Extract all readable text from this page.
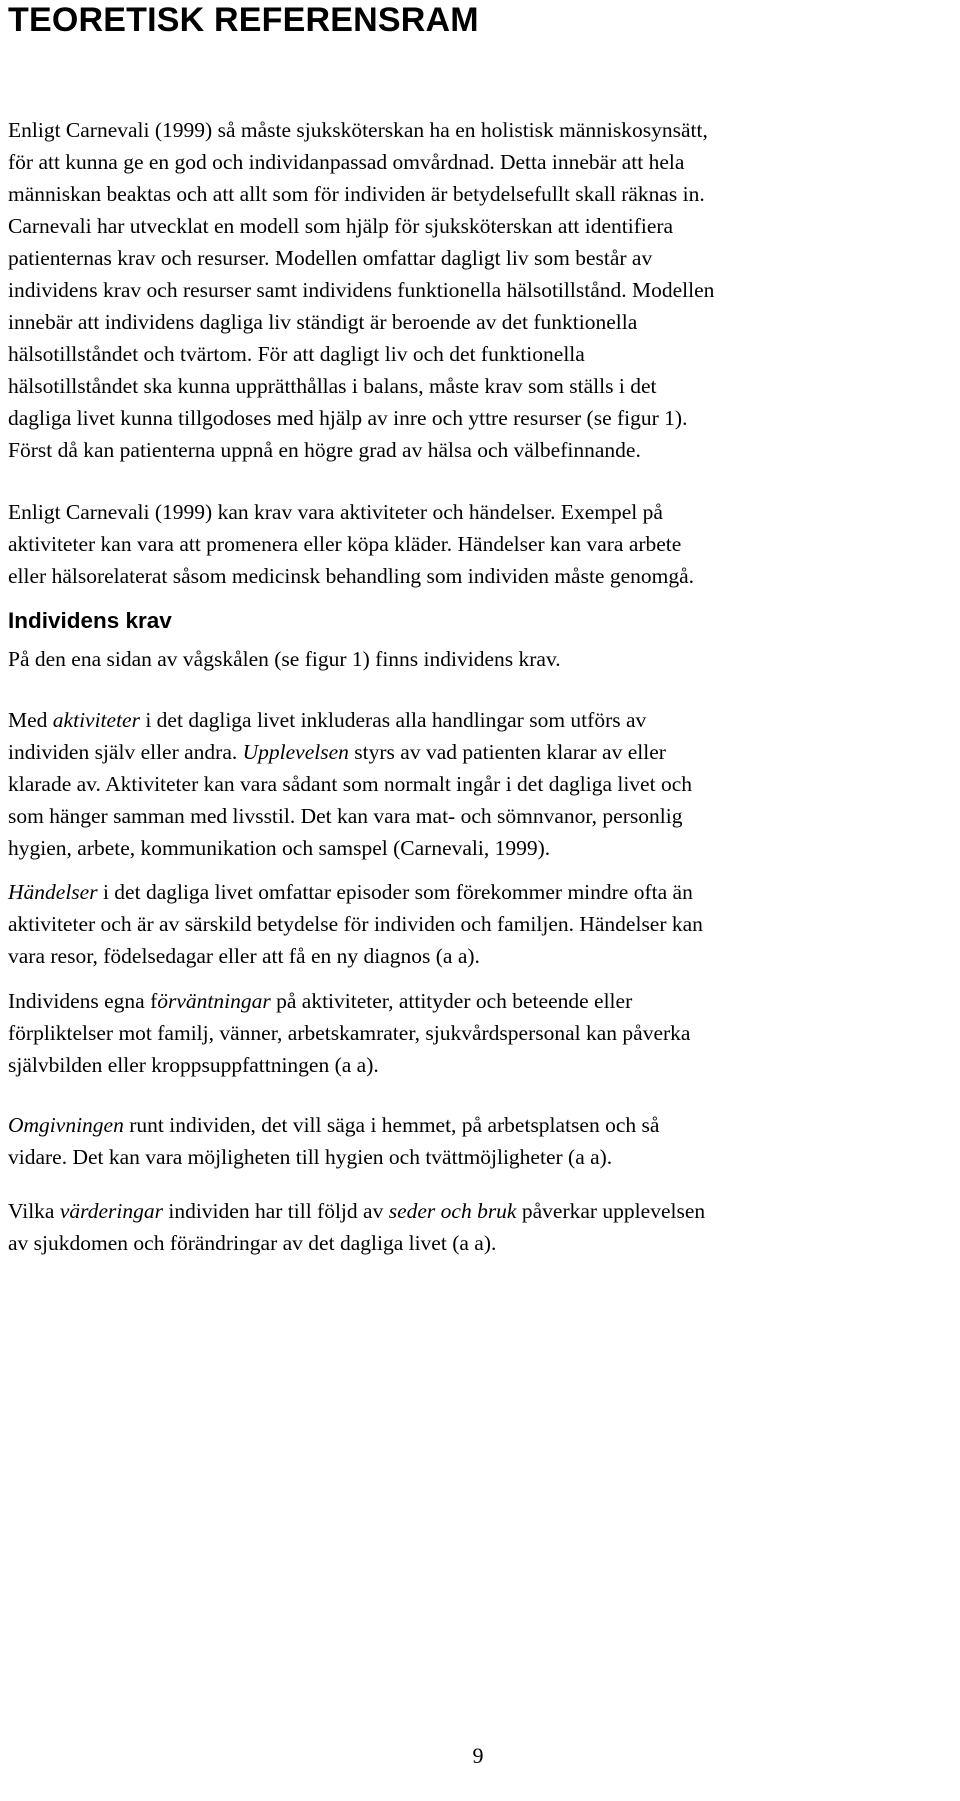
TEORETISK REFERENSRAM
Enligt Carnevali (1999) så måste sjuksköterskan ha en holistisk människosynsätt,
för att kunna ge en god och individanpassad omvårdnad. Detta innebär att hela
människan beaktas och att allt som för individen är betydelsefullt skall räknas in.
Carnevali har utvecklat en modell som hjälp för sjuksköterskan att identifiera
patienternas krav och resurser. Modellen omfattar dagligt liv som består av
individens krav och resurser samt individens funktionella hälsotillstånd. Modellen
innebär att individens dagliga liv ständigt är beroende av det funktionella
hälsotillståndet och tvärtom. För att dagligt liv och det funktionella
hälsotillståndet ska kunna upprätthållas i balans, måste krav som ställs i det
dagliga livet kunna tillgodoses med hjälp av inre och yttre resurser (se figur 1).
Först då kan patienterna uppnå en högre grad av hälsa och välbefinnande.
Enligt Carnevali (1999) kan krav vara aktiviteter och händelser. Exempel på
aktiviteter kan vara att promenera eller köpa kläder. Händelser kan vara arbete
eller hälsorelaterat såsom medicinsk behandling som individen måste genomgå.
Individens krav
På den ena sidan av vågskålen (se figur 1) finns individens krav.
Med aktiviteter i det dagliga livet inkluderas alla handlingar som utförs av
individen själv eller andra. Upplevelsen styrs av vad patienten klarar av eller
klarade av. Aktiviteter kan vara sådant som normalt ingår i det dagliga livet och
som hänger samman med livsstil. Det kan vara mat- och sömnvanor, personlig
hygien, arbete, kommunikation och samspel (Carnevali, 1999).
Händelser i det dagliga livet omfattar episoder som förekommer mindre ofta än
aktiviteter och är av särskild betydelse för individen och familjen. Händelser kan
vara resor, födelsedagar eller att få en ny diagnos (a a).
Individens egna förväntningar på aktiviteter, attityder och beteende eller
förpliktelser mot familj, vänner, arbetskamrater, sjukvårdspersonal kan påverka
självbilden eller kroppsuppfattningen (a a).
Omgivningen runt individen, det vill säga i hemmet, på arbetsplatsen och så
vidare. Det kan vara möjligheten till hygien och tvättmöjligheter (a a).
Vilka värderingar individen har till följd av seder och bruk påverkar upplevelsen
av sjukdomen och förändringar av det dagliga livet (a a).
9
